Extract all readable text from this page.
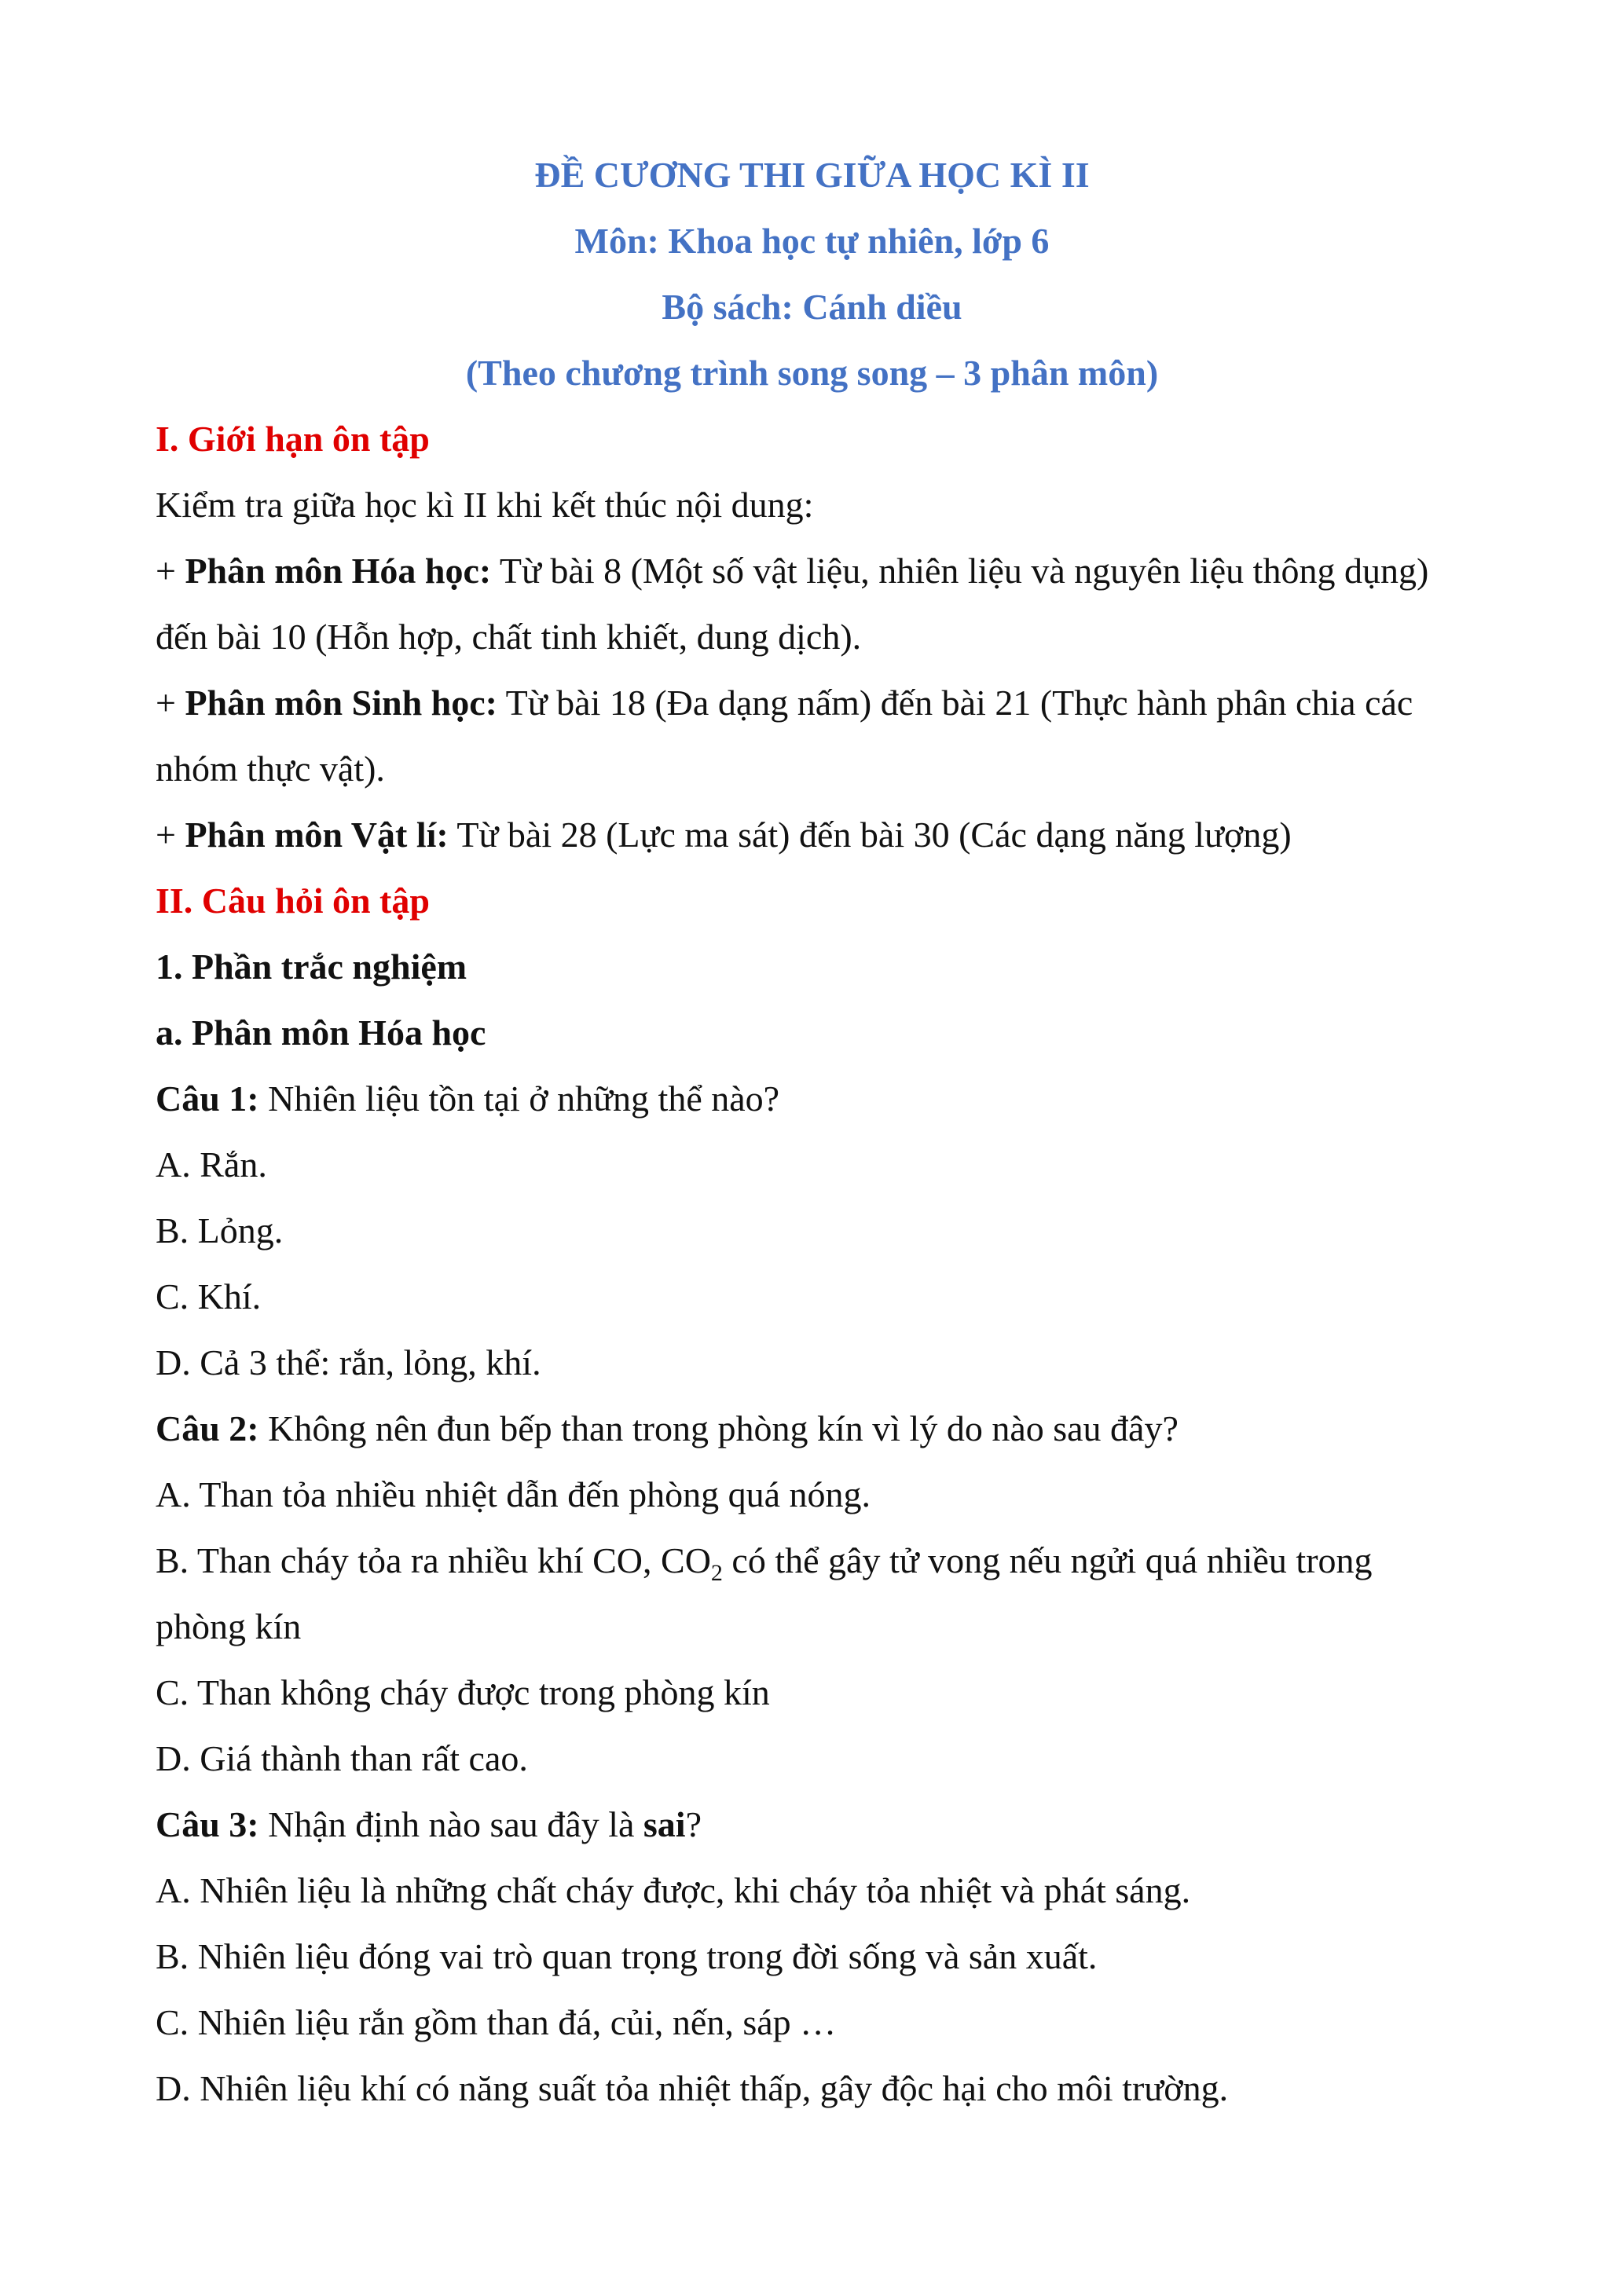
ĐỀ CƯƠNG THI GIỮA HỌC KÌ II
Môn: Khoa học tự nhiên, lớp 6
Bộ sách: Cánh diều
(Theo chương trình song song – 3 phân môn)
I. Giới hạn ôn tập
Kiểm tra giữa học kì II khi kết thúc nội dung:
+ Phân môn Hóa học: Từ bài 8 (Một số vật liệu, nhiên liệu và nguyên liệu thông dụng)
đến bài 10 (Hỗn hợp, chất tinh khiết, dung dịch).
+ Phân môn Sinh học: Từ bài 18 (Đa dạng nấm) đến bài 21 (Thực hành phân chia các
nhóm thực vật).
+ Phân môn Vật lí: Từ bài 28 (Lực ma sát) đến bài 30 (Các dạng năng lượng)
II. Câu hỏi ôn tập
1. Phần trắc nghiệm
a. Phân môn Hóa học
Câu 1: Nhiên liệu tồn tại ở những thể nào?
A. Rắn.
B. Lỏng.
C. Khí.
D. Cả 3 thể: rắn, lỏng, khí.
Câu 2: Không nên đun bếp than trong phòng kín vì lý do nào sau đây?
A. Than tỏa nhiều nhiệt dẫn đến phòng quá nóng.
B. Than cháy tỏa ra nhiều khí CO, $CO_2$ có thể gây tử vong nếu ngửi quá nhiều trong
phòng kín
C. Than không cháy được trong phòng kín
D. Giá thành than rất cao.
Câu 3: Nhận định nào sau đây là sai?
A. Nhiên liệu là những chất cháy được, khi cháy tỏa nhiệt và phát sáng.
B. Nhiên liệu đóng vai trò quan trọng trong đời sống và sản xuất.
C. Nhiên liệu rắn gồm than đá, củi, nến, sáp …
D. Nhiên liệu khí có năng suất tỏa nhiệt thấp, gây độc hại cho môi trường.
